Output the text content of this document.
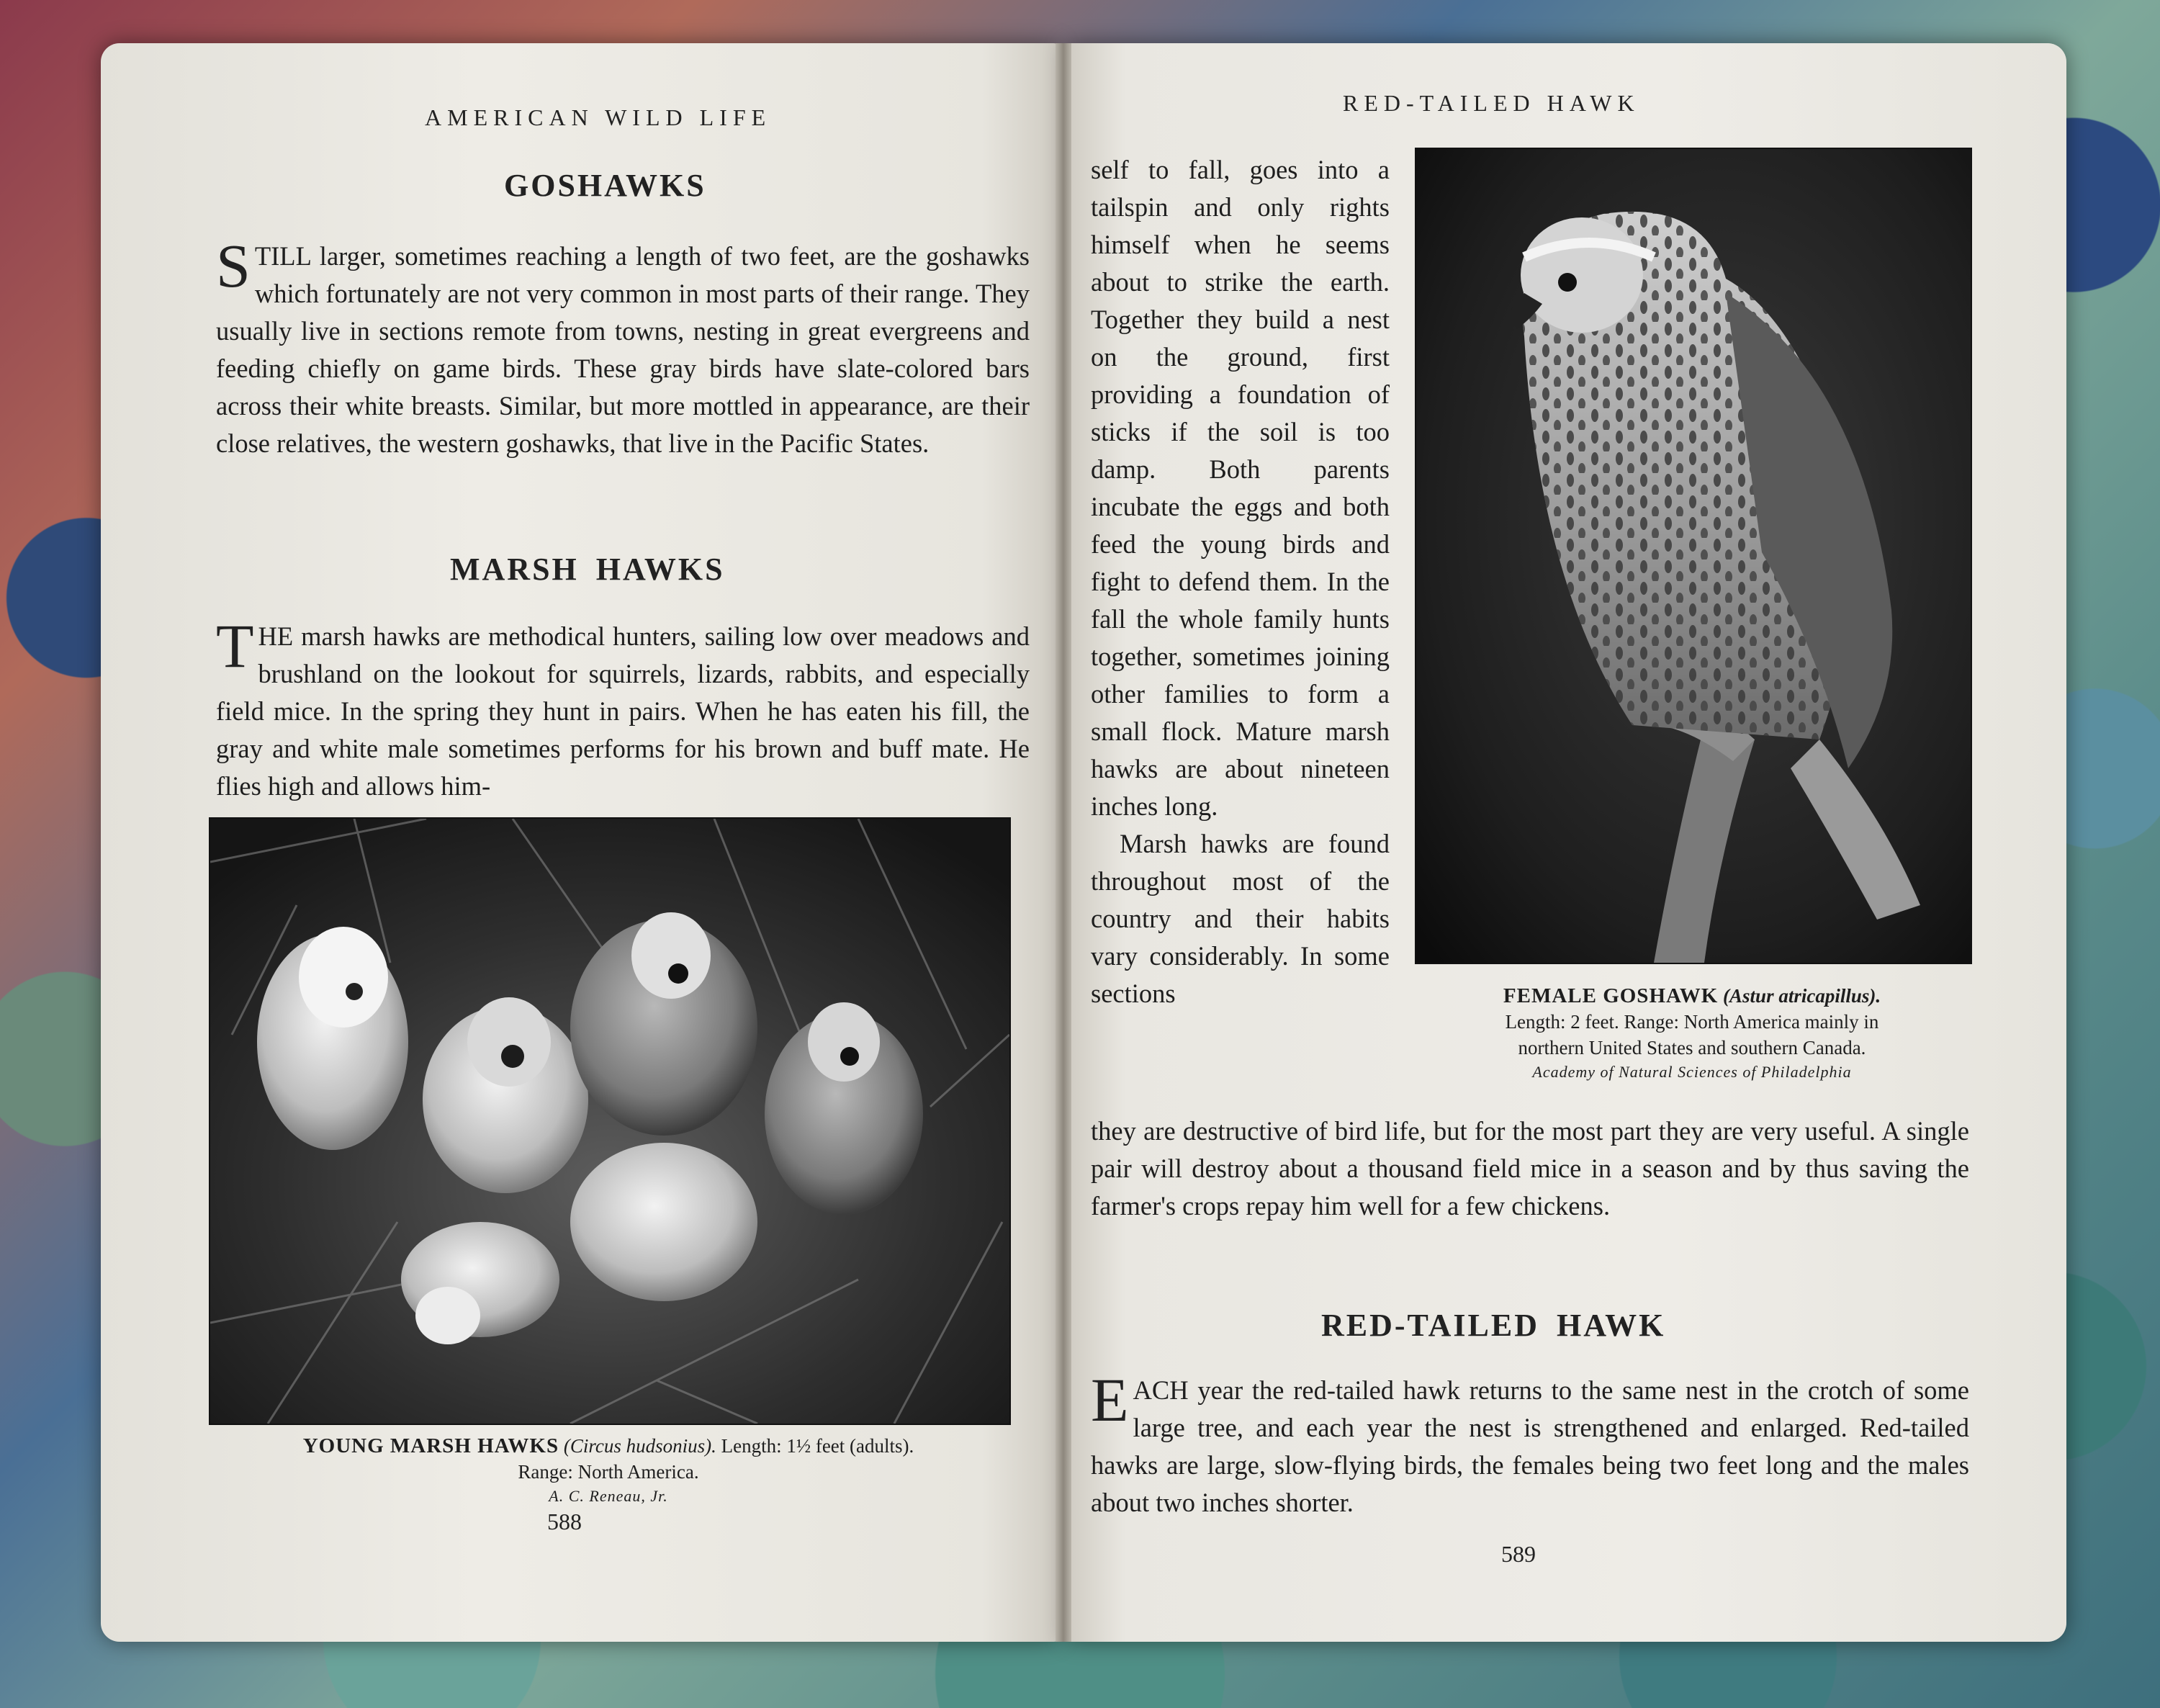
AMERICAN WILD LIFE
GOSHAWKS
STILL larger, sometimes reaching a length of two feet, are the goshawks which fortunately are not very common in most parts of their range. They usually live in sections remote from towns, nesting in great evergreens and feeding chiefly on game birds. These gray birds have slate-colored bars across their white breasts. Similar, but more mottled in appearance, are their close relatives, the western goshawks, that live in the Pacific States.
MARSH HAWKS
THE marsh hawks are methodical hunters, sailing low over meadows and brushland on the lookout for squirrels, lizards, rabbits, and especially field mice. In the spring they hunt in pairs. When he has eaten his fill, the gray and white male sometimes performs for his brown and buff mate. He flies high and allows him-
YOUNG MARSH HAWKS (Circus hudsonius). Length: 1½ feet (adults).
Range: North America.
A. C. Reneau, Jr.
588
RED-TAILED HAWK

self to fall, goes into a tailspin and only rights himself when he seems about to strike the earth. Together they build a nest on the ground, first providing a foundation of sticks if the soil is too damp. Both parents incubate the eggs and both feed the young birds and fight to defend them. In the fall the whole family hunts together, sometimes joining other families to form a small flock. Mature marsh hawks are about nineteen inches long.

Marsh hawks are found throughout most of the country and their habits vary considerably. In some sections	FEMALE GOSHAWK (Astur atricapillus).
Length: 2 feet. Range: North America mainly in
northern United States and southern Canada.
Academy of Natural Sciences of Philadelphia
they are destructive of bird life, but for the most part they are very useful. A single pair will destroy about a thousand field mice in a season and by thus saving the farmer's crops repay him well for a few chickens.
RED-TAILED HAWK
EACH year the red-tailed hawk returns to the same nest in the crotch of some large tree, and each year the nest is strengthened and enlarged. Red-tailed hawks are large, slow-flying birds, the females being two feet long and the males about two inches shorter.
589
